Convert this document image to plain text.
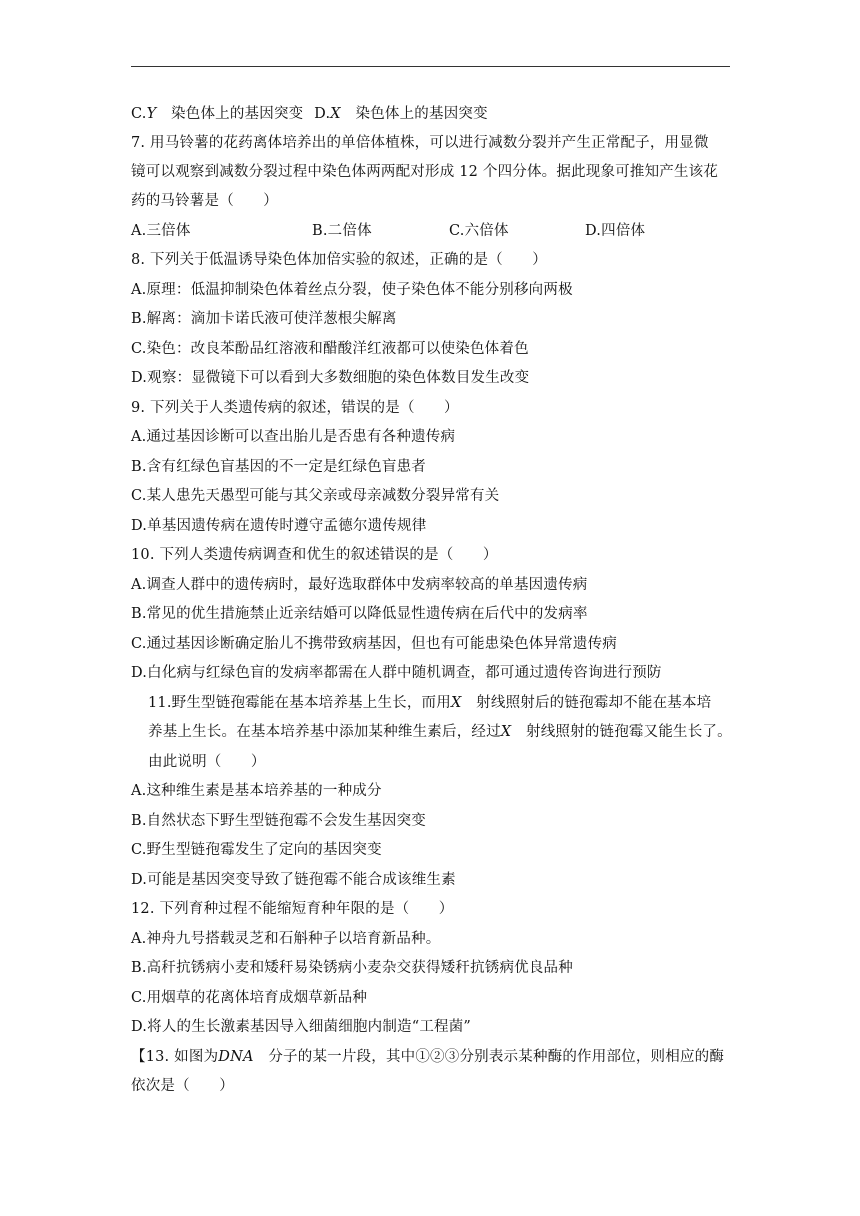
C.𝑌　染色体上的基因突变 D.𝑋　染色体上的基因突变
7. 用马铃薯的花药离体培养出的单倍体植株，可以进行减数分裂并产生正常配子，用显微
镜可以观察到减数分裂过程中染色体两两配对形成 12 个四分体。据此现象可推知产生该花
药的马铃薯是（　　）
A.三倍体	B.二倍体	C.六倍体	D.四倍体
8. 下列关于低温诱导染色体加倍实验的叙述，正确的是（　　）
A.原理：低温抑制染色体着丝点分裂，使子染色体不能分别移向两极
B.解离：滴加卡诺氏液可使洋葱根尖解离
C.染色：改良苯酚品红溶液和醋酸洋红液都可以使染色体着色
D.观察：显微镜下可以看到大多数细胞的染色体数目发生改变
9. 下列关于人类遗传病的叙述，错误的是（　　）
A.通过基因诊断可以查出胎儿是否患有各种遗传病
B.含有红绿色盲基因的不一定是红绿色盲患者
C.某人患先天愚型可能与其父亲或母亲减数分裂异常有关
D.单基因遗传病在遗传时遵守孟德尔遗传规律
10. 下列人类遗传病调查和优生的叙述错误的是（　　）
A.调查人群中的遗传病时，最好选取群体中发病率较高的单基因遗传病
B.常见的优生措施禁止近亲结婚可以降低显性遗传病在后代中的发病率
C.通过基因诊断确定胎儿不携带致病基因，但也有可能患染色体异常遗传病
D.白化病与红绿色盲的发病率都需在人群中随机调查，都可通过遗传咨询进行预防
11.野生型链孢霉能在基本培养基上生长，而用𝑋　射线照射后的链孢霉却不能在基本培
养基上生长。在基本培养基中添加某种维生素后，经过𝑋　射线照射的链孢霉又能生长了。
由此说明（　　）
A.这种维生素是基本培养基的一种成分
B.自然状态下野生型链孢霉不会发生基因突变
C.野生型链孢霉发生了定向的基因突变
D.可能是基因突变导致了链孢霉不能合成该维生素
12. 下列育种过程不能缩短育种年限的是（　　）
A.神舟九号搭载灵芝和石斛种子以培育新品种。
B.高秆抗锈病小麦和矮秆易染锈病小麦杂交获得矮秆抗锈病优良品种
C.用烟草的花离体培育成烟草新品种
D.将人的生长激素基因导入细菌细胞内制造“工程菌”
【13. 如图为𝐷𝑁𝐴　分子的某一片段，其中①②③分别表示某种酶的作用部位，则相应的酶
依次是（　　）
